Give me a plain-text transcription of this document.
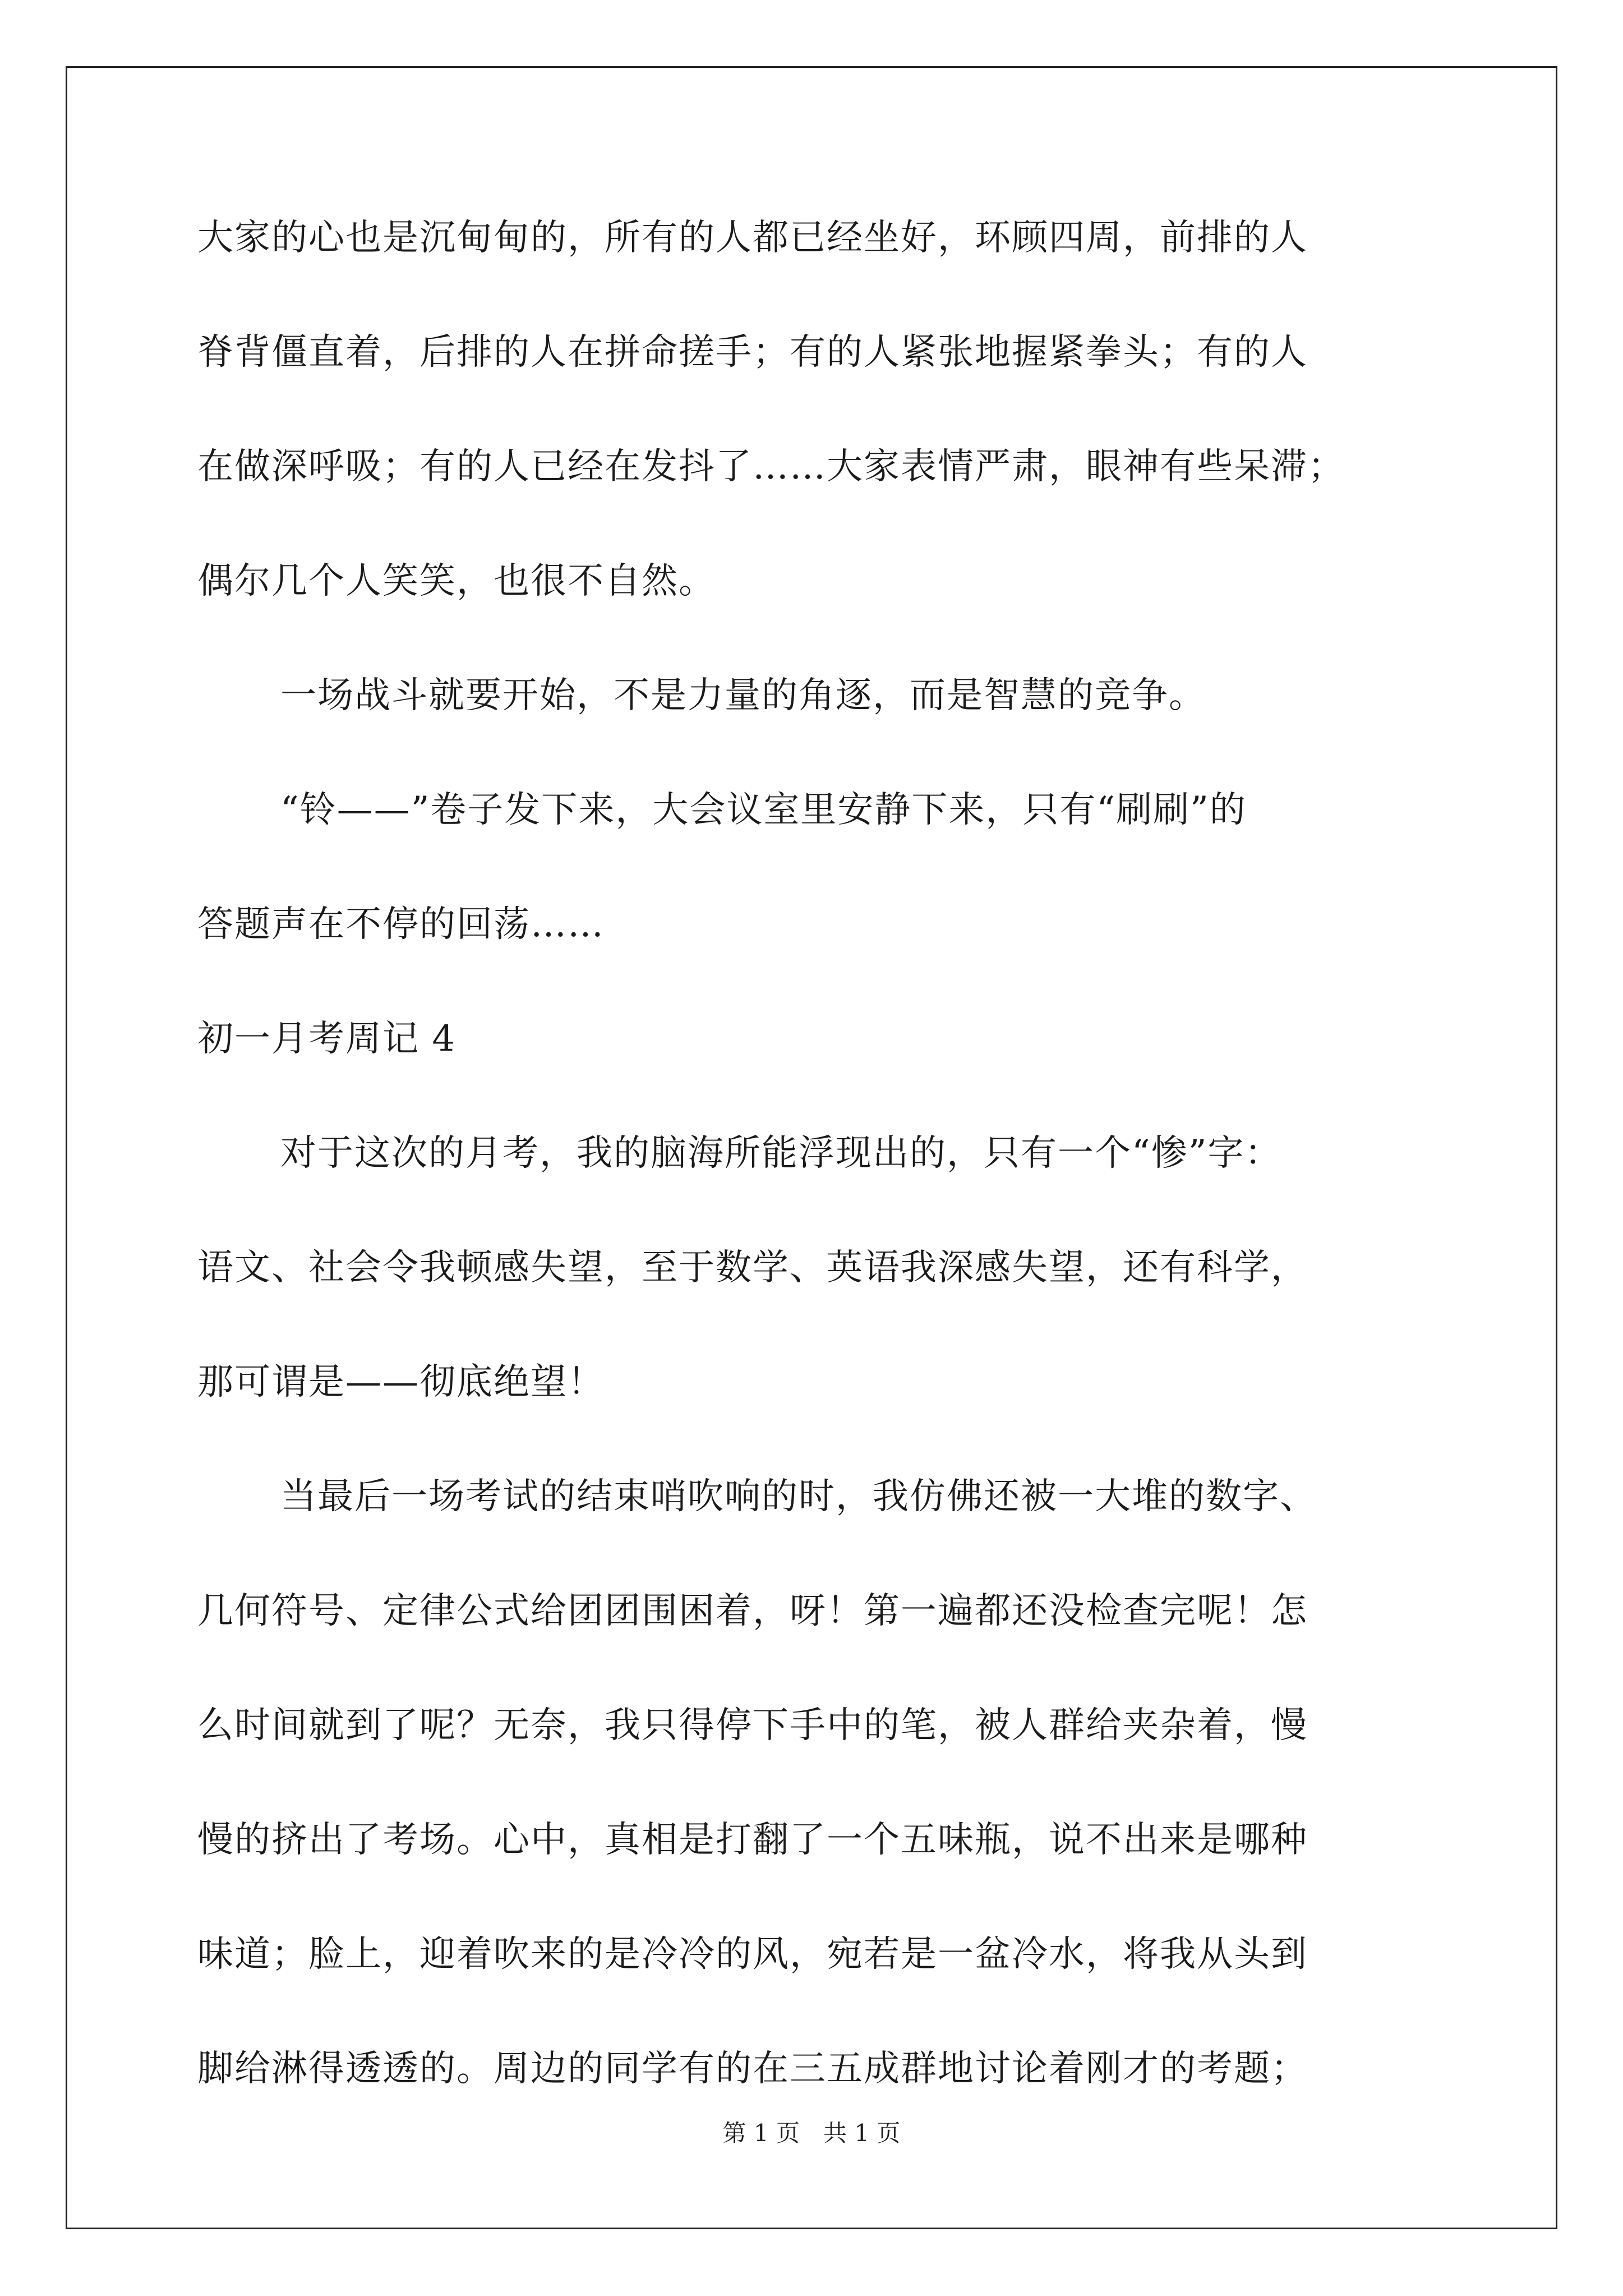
大家的心也是沉甸甸的，所有的人都已经坐好，环顾四周，前排的人
脊背僵直着，后排的人在拼命搓手；有的人紧张地握紧拳头；有的人
在做深呼吸；有的人已经在发抖了……大家表情严肃，眼神有些呆滞；
偶尔几个人笑笑，也很不自然。
一场战斗就要开始，不是力量的角逐，而是智慧的竞争。
“铃——”卷子发下来，大会议室里安静下来，只有“刷刷”的
答题声在不停的回荡……
初一月考周记 4
对于这次的月考，我的脑海所能浮现出的，只有一个“惨”字：
语文、社会令我顿感失望，至于数学、英语我深感失望，还有科学，
那可谓是——彻底绝望！
当最后一场考试的结束哨吹响的时，我仿佛还被一大堆的数字、
几何符号、定律公式给团团围困着，呀！第一遍都还没检查完呢！怎
么时间就到了呢？无奈，我只得停下手中的笔，被人群给夹杂着，慢
慢的挤出了考场。心中，真相是打翻了一个五味瓶，说不出来是哪种
味道；脸上，迎着吹来的是冷冷的风，宛若是一盆冷水，将我从头到
脚给淋得透透的。周边的同学有的在三五成群地讨论着刚才的考题；
第 1 页　共 1 页
